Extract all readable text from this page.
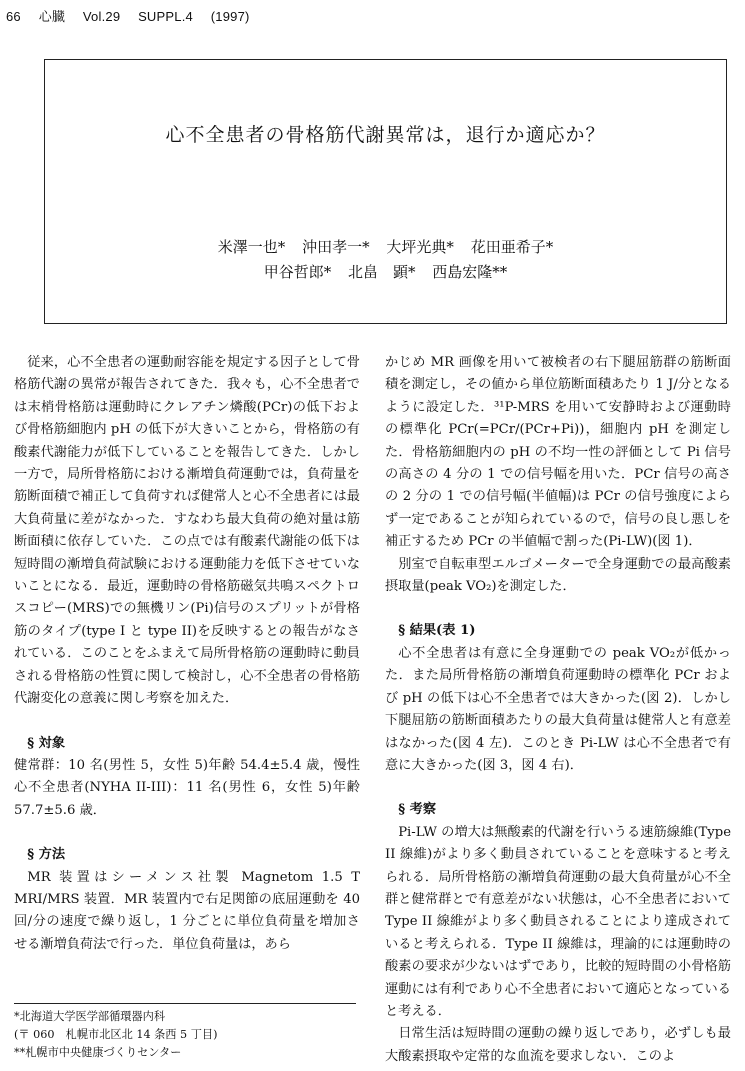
66 心臓 Vol.29 SUPPL.4 (1997)
心不全患者の骨格筋代謝異常は，退行か適応か？
米澤一也* 沖田孝一* 大坪光典* 花田亜希子*
甲谷哲郎* 北畠　顕* 西島宏隆**

従来，心不全患者の運動耐容能を規定する因子として骨格筋代謝の異常が報告されてきた．我々も，心不全患者では末梢骨格筋は運動時にクレアチン燐酸(PCr)の低下および骨格筋細胞内 pH の低下が大きいことから，骨格筋の有酸素代謝能力が低下していることを報告してきた．しかし一方で，局所骨格筋における漸増負荷運動では，負荷量を筋断面積で補正して負荷すれば健常人と心不全患者には最大負荷量に差がなかった．すなわち最大負荷の絶対量は筋断面積に依存していた．この点では有酸素代謝能の低下は短時間の漸増負荷試験における運動能力を低下させていないことになる．最近，運動時の骨格筋磁気共鳴スペクトロスコピー(MRS)での無機リン(Pi)信号のスプリットが骨格筋のタイプ(type I と type II)を反映するとの報告がなされている．このことをふまえて局所骨格筋の運動時に動員される骨格筋の性質に関して検討し，心不全患者の骨格筋代謝変化の意義に関し考察を加えた．

§ 対象

健常群：10 名(男性 5，女性 5)年齢 54.4±5.4 歳，慢性心不全患者(NYHA II-III)：11 名(男性 6，女性 5)年齢 57.7±5.6 歳．

§ 方法

MR 装置はシーメンス社製 Magnetom 1.5 T MRI/MRS 装置．MR 装置内で右足関節の底屈運動を 40 回/分の速度で繰り返し，1 分ごとに単位負荷量を増加させる漸増負荷法で行った．単位負荷量は，あら

かじめ MR 画像を用いて被検者の右下腿屈筋群の筋断面積を測定し，その値から単位筋断面積あたり 1 J/分となるように設定した．³¹P-MRS を用いて安静時および運動時の標準化 PCr(=PCr/(PCr+Pi))，細胞内 pH を測定した．骨格筋細胞内の pH の不均一性の評価として Pi 信号の高さの 4 分の 1 での信号幅を用いた．PCr 信号の高さの 2 分の 1 での信号幅(半値幅)は PCr の信号強度によらず一定であることが知られているので，信号の良し悪しを補正するため PCr の半値幅で割った(Pi-LW)(図 1)．

別室で自転車型エルゴメーターで全身運動での最高酸素摂取量(peak VO₂)を測定した．

§ 結果(表 1)

心不全患者は有意に全身運動での peak VO₂が低かった．また局所骨格筋の漸増負荷運動時の標準化 PCr および pH の低下は心不全患者では大きかった(図 2)．しかし下腿屈筋の筋断面積あたりの最大負荷量は健常人と有意差はなかった(図 4 左)．このとき Pi-LW は心不全患者で有意に大きかった(図 3，図 4 右)．

§ 考察

Pi-LW の増大は無酸素的代謝を行いうる速筋線維(Type II 線維)がより多く動員されていることを意味すると考えられる．局所骨格筋の漸増負荷運動の最大負荷量が心不全群と健常群とで有意差がない状態は，心不全患者において Type II 線維がより多く動員されることにより達成されていると考えられる．Type II 線維は，理論的には運動時の酸素の要求が少ないはずであり，比較的短時間の小骨格筋運動には有利であり心不全患者において適応となっていると考える．

日常生活は短時間の運動の繰り返しであり，必ずしも最大酸素摂取や定常的な血流を要求しない．このよ

*北海道大学医学部循環器内科
(〒 060　札幌市北区北 14 条西 5 丁目)
**札幌市中央健康づくりセンター
